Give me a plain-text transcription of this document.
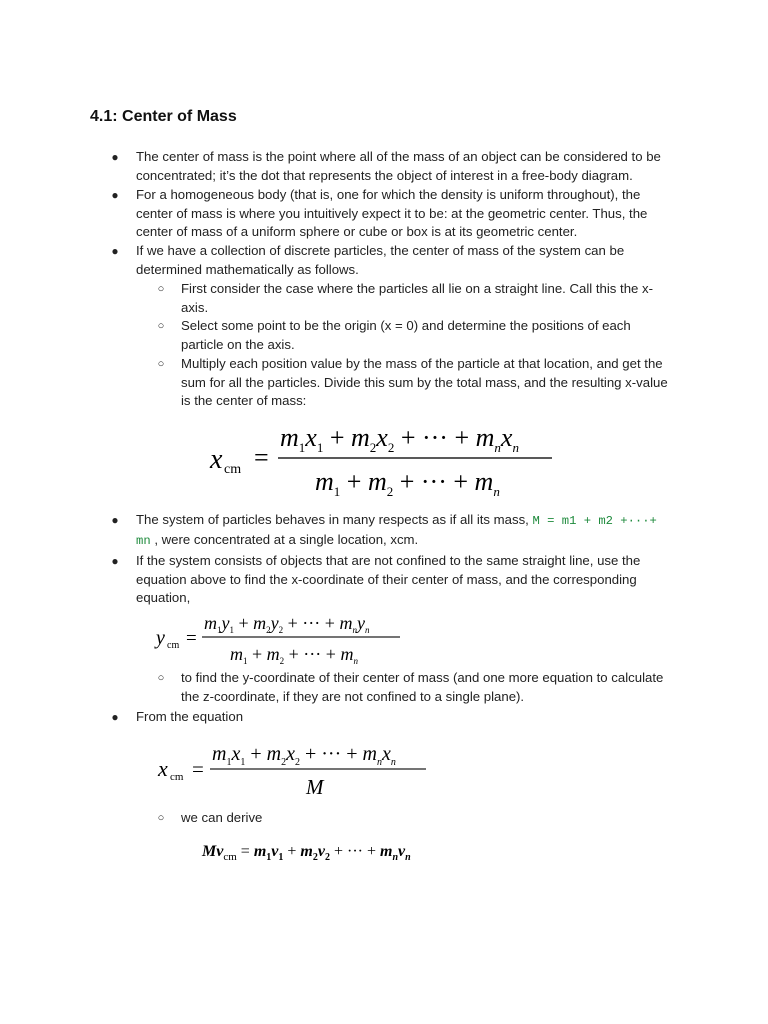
4.1: Center of Mass
● The center of mass is the point where all of the mass of an object can be considered to be concentrated; it’s the dot that represents the object of interest in a free-body diagram.
● For a homogeneous body (that is, one for which the density is uniform throughout), the center of mass is where you intuitively expect it to be: at the geometric center. Thus, the center of mass of a uniform sphere or cube or box is at its geometric center.
● If we have a collection of discrete particles, the center of mass of the system can be determined mathematically as follows.
○ First consider the case where the particles all lie on a straight line. Call this the x-axis.
○ Select some point to be the origin (x = 0) and determine the positions of each particle on the axis.
○ Multiply each position value by the mass of the particle at that location, and get the sum for all the particles. Divide this sum by the total mass, and the resulting x-value is the center of mass:
x cm =
$m_1x_1 + m_2x_2$ + ··· + $m_nx_n$
$m_1 + m_2$ + ··· + $m_n$
● The system of particles behaves in many respects as if all its mass, M = m1 + m2 +···+ mn , were concentrated at a single location, xcm.
● If the system consists of objects that are not confined to the same straight line, use the equation above to find the x-coordinate of their center of mass, and the corresponding equation,
y cm =
$m_1y_1 + m_2y_2$ + ··· + $m_ny_n$
$m_1 + m_2$ + ··· + $m_n$
○ to find the y-coordinate of their center of mass (and one more equation to calculate the z-coordinate, if they are not confined to a single plane).
● From the equation
x cm =
$m_1x_1 + m_2x_2$ + ··· + $m_nx_n$
M
○ we can derive
$Mv_{cm} = m_1v_1 + m_2v_2$ + ··· + $m_nv_n$
